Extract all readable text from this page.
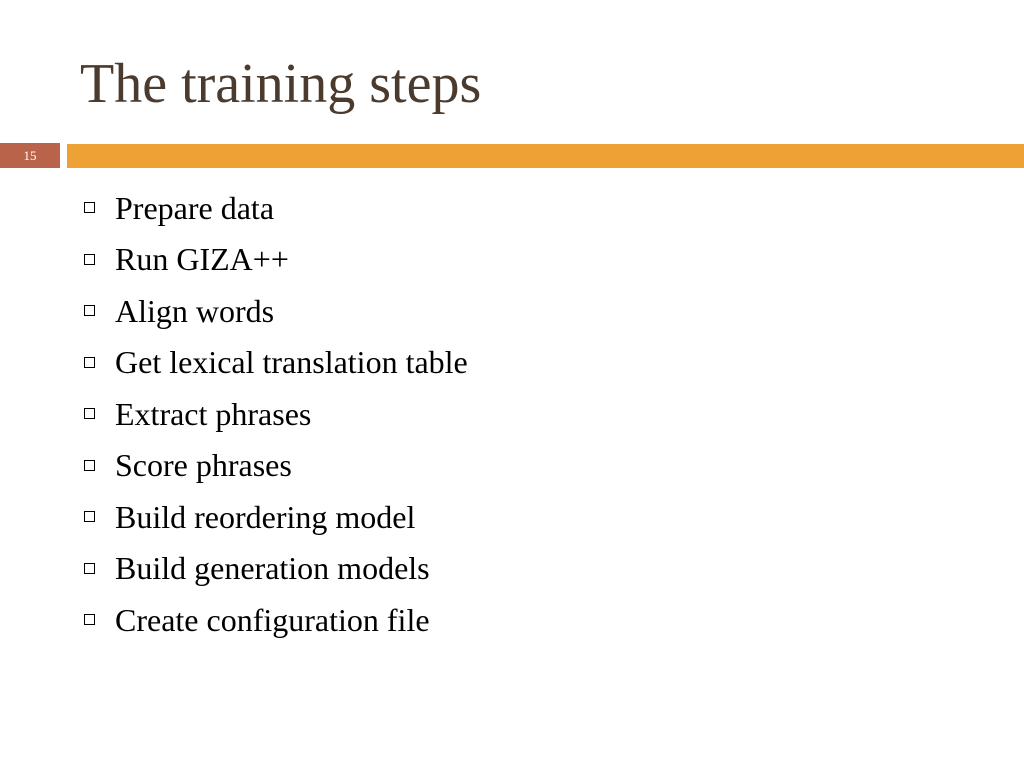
The training steps
15
Prepare data
Run GIZA++
Align words
Get lexical translation table
Extract phrases
Score phrases
Build reordering model
Build generation models
Create configuration file
